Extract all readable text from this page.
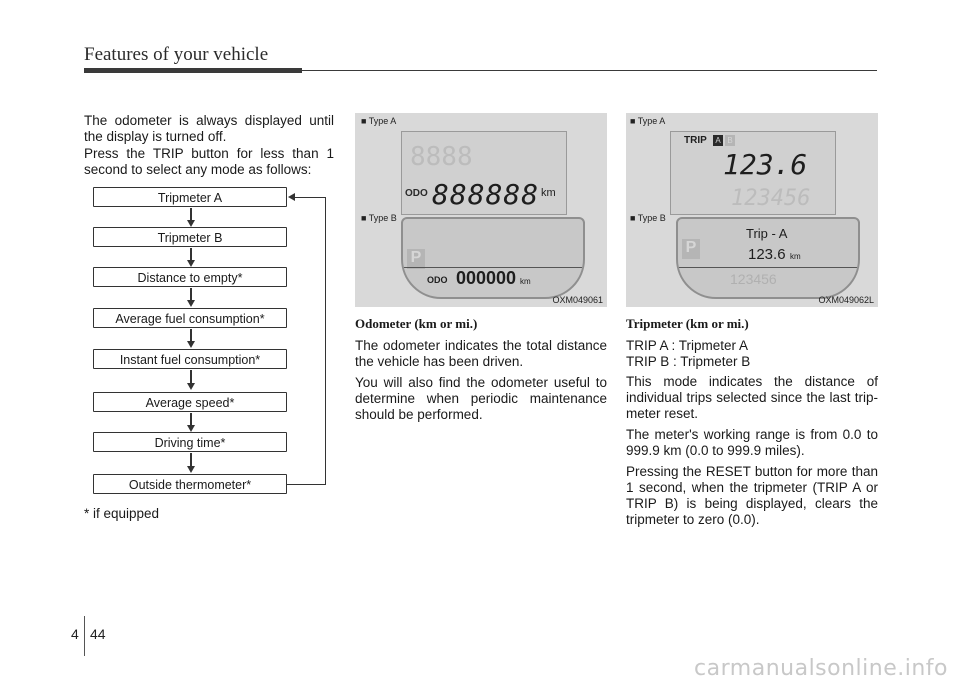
Features of your vehicle
The odometer is always displayed until the display is turned off.
Press the TRIP button for less than 1 second to select any mode as follows:
Tripmeter A
Tripmeter B
Distance to empty*
Average fuel consumption*
Instant fuel consumption*
Average speed*
Driving time*
Outside thermometer*
* if equipped
■ Type A
8888
ODO 888888 km
■ Type B
P
ODO 000000 km
OXM049061
■ Type A
TRIP A B
123.6
123456
■ Type B
P
Trip - A
123.6 km
123456
OXM049062L
Odometer (km or mi.)
The odometer indicates the total distance the vehicle has been driven.
You will also find the odometer useful to determine when periodic maintenance should be performed.
Tripmeter (km or mi.)
TRIP A : Tripmeter A
TRIP B : Tripmeter B
This mode indicates the distance of individual trips selected since the last trip-meter reset.
The meter's working range is from 0.0 to 999.9 km (0.0 to 999.9 miles).
Pressing the RESET button for more than 1 second, when the tripmeter (TRIP A or TRIP B) is being displayed, clears the tripmeter to zero (0.0).
4 44
carmanualsonline.info
